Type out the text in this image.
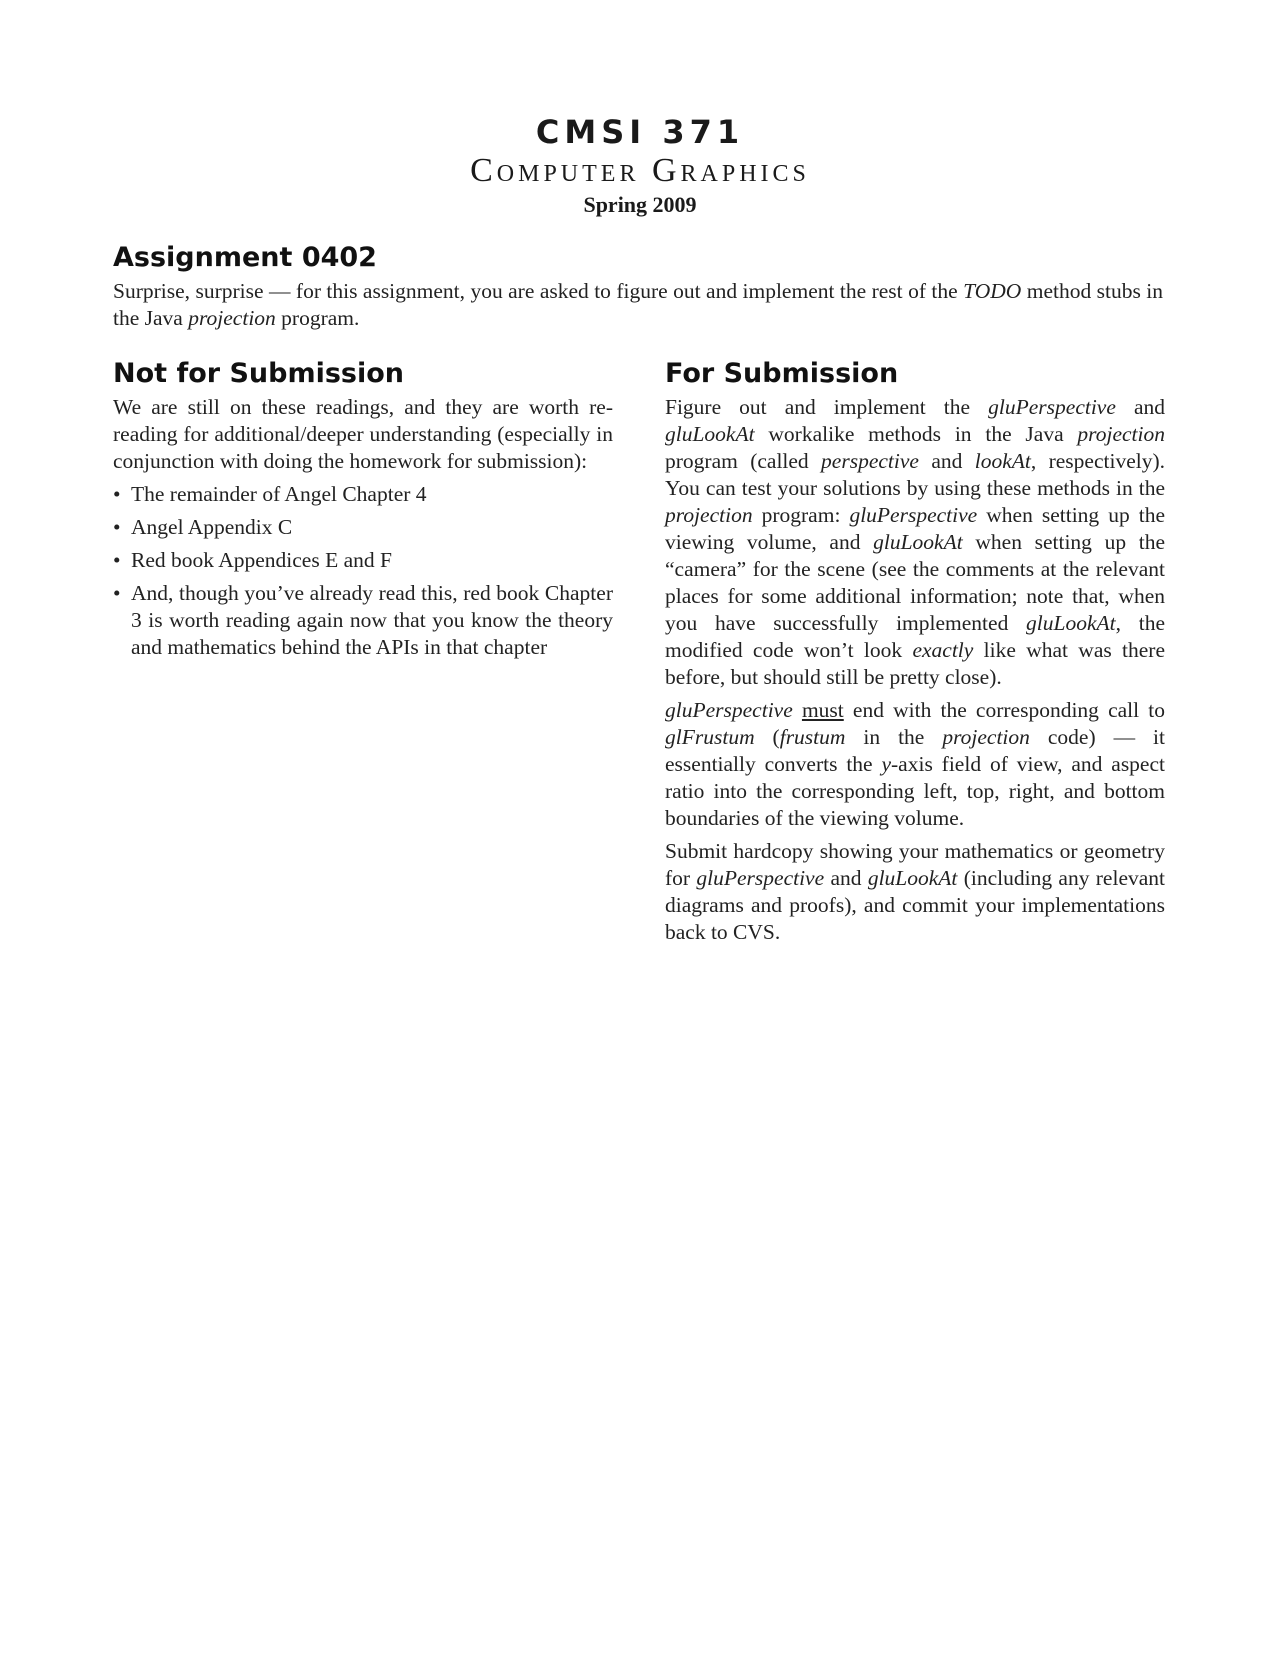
CMSI 371

Computer Graphics

Spring 2009

Assignment 0402

Surprise, surprise — for this assignment, you are asked to figure out and implement the rest of the TODO method stubs in the Java projection program.

Not for Submission

We are still on these readings, and they are worth re-reading for additional/deeper understanding (especially in conjunction with doing the homework for submission):

• The remainder of Angel Chapter 4
• Angel Appendix C
• Red book Appendices E and F
• And, though you’ve already read this, red book Chapter 3 is worth reading again now that you know the theory and mathematics behind the APIs in that chapter
For Submission

Figure out and implement the gluPerspective and gluLookAt workalike methods in the Java projection program (called perspective and lookAt, respectively). You can test your solutions by using these methods in the projection program: gluPerspective when setting up the viewing volume, and gluLookAt when setting up the “camera” for the scene (see the comments at the relevant places for some additional information; note that, when you have successfully implemented gluLookAt, the modified code won’t look exactly like what was there before, but should still be pretty close).

gluPerspective must end with the corresponding call to glFrustum (frustum in the projection code) — it essentially converts the y-axis field of view, and aspect ratio into the corresponding left, top, right, and bottom boundaries of the viewing volume.

Submit hardcopy showing your mathematics or geometry for gluPerspective and gluLookAt (including any relevant diagrams and proofs), and commit your implementations back to CVS.
